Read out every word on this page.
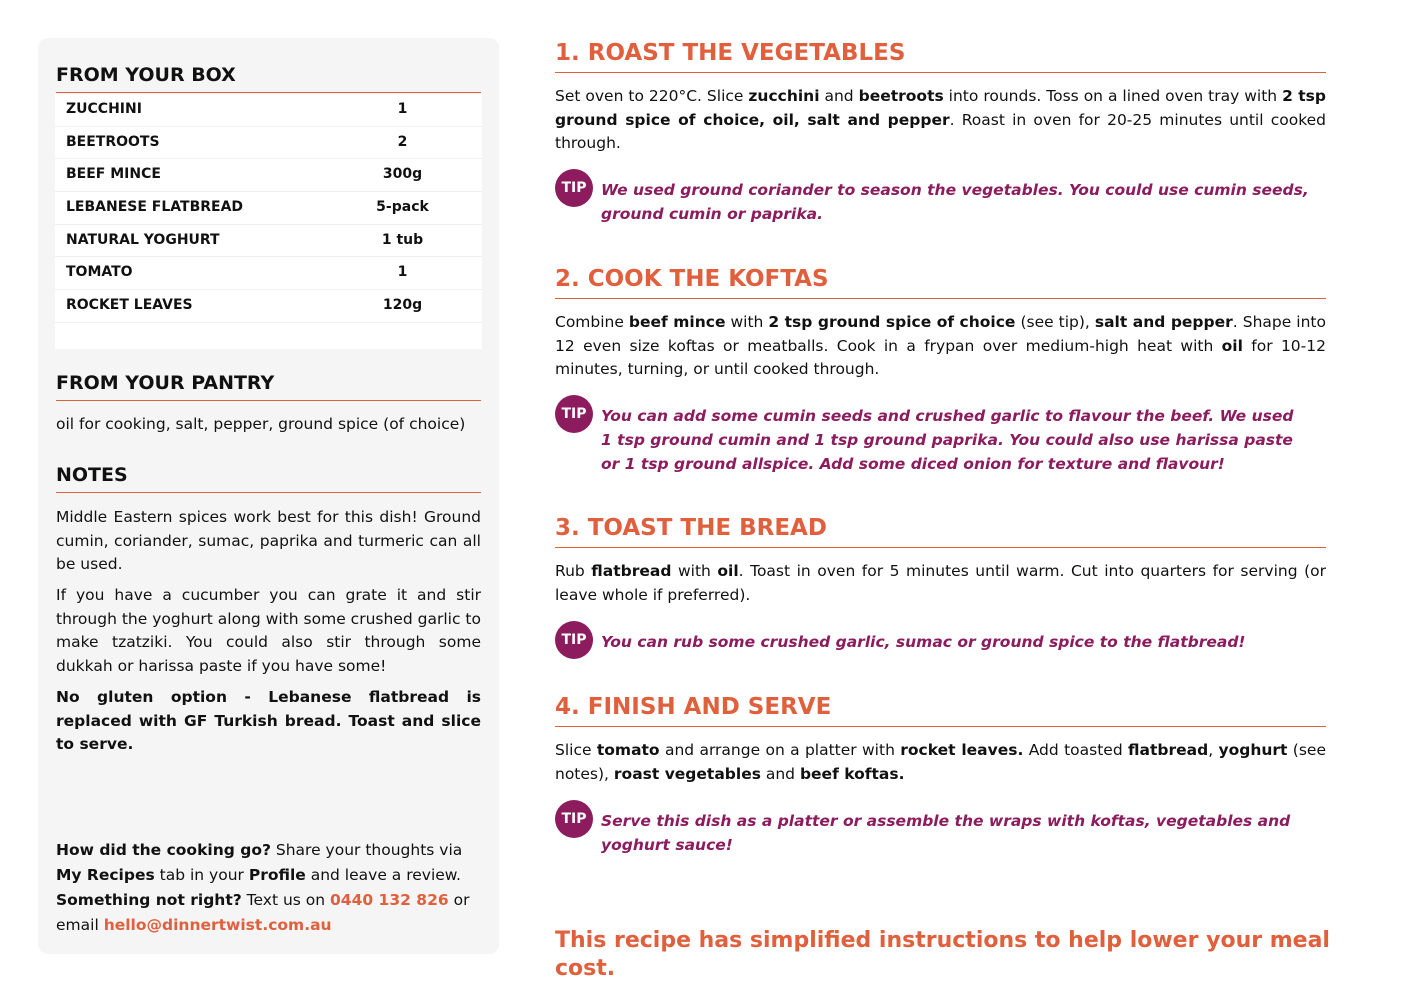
FROM YOUR BOX
ZUCCHINI	1
BEETROOTS	2
BEEF MINCE	300g
LEBANESE FLATBREAD	5-pack
NATURAL YOGHURT	1 tub
TOMATO	1
ROCKET LEAVES	120g
FROM YOUR PANTRY
oil for cooking, salt, pepper, ground spice (of choice)
NOTES
Middle Eastern spices work best for this dish! Ground cumin, coriander, sumac, paprika and turmeric can all be used.
If you have a cucumber you can grate it and stir through the yoghurt along with some crushed garlic to make tzatziki. You could also stir through some dukkah or harissa paste if you have some!
No gluten option - Lebanese flatbread is replaced with GF Turkish bread. Toast and slice to serve.
How did the cooking go? Share your thoughts via My Recipes tab in your Profile and leave a review.
Something not right? Text us on 0440 132 826 or email hello@dinnertwist.com.au
1. ROAST THE VEGETABLES
Set oven to 220°C. Slice zucchini and beetroots into rounds. Toss on a lined oven tray with 2 tsp ground spice of choice, oil, salt and pepper. Roast in oven for 20-25 minutes until cooked through.
TIP We used ground coriander to season the vegetables. You could use cumin seeds, ground cumin or paprika.
2. COOK THE KOFTAS
Combine beef mince with 2 tsp ground spice of choice (see tip), salt and pepper. Shape into 12 even size koftas or meatballs. Cook in a frypan over medium-high heat with oil for 10-12 minutes, turning, or until cooked through.
TIP You can add some cumin seeds and crushed garlic to flavour the beef. We used 1 tsp ground cumin and 1 tsp ground paprika. You could also use harissa paste or 1 tsp ground allspice. Add some diced onion for texture and flavour!
3. TOAST THE BREAD
Rub flatbread with oil. Toast in oven for 5 minutes until warm. Cut into quarters for serving (or leave whole if preferred).
TIP You can rub some crushed garlic, sumac or ground spice to the flatbread!
4. FINISH AND SERVE
Slice tomato and arrange on a platter with rocket leaves. Add toasted flatbread, yoghurt (see notes), roast vegetables and beef koftas.
TIP Serve this dish as a platter or assemble the wraps with koftas, vegetables and yoghurt sauce!
This recipe has simplified instructions to help lower your meal cost.
